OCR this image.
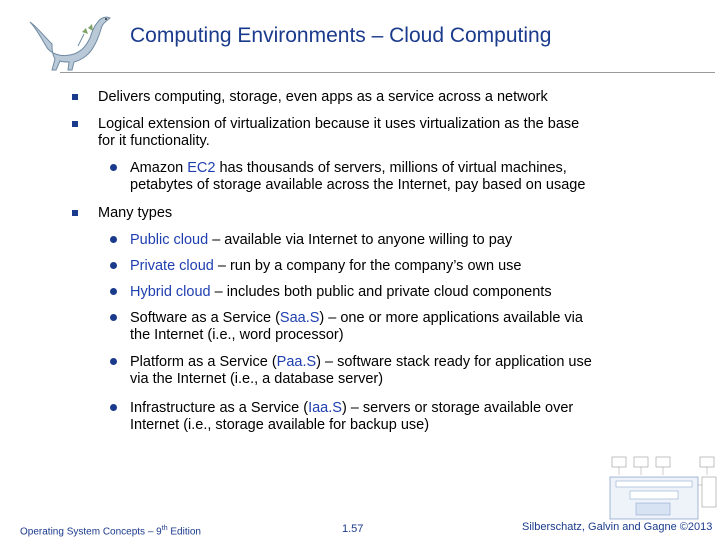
Computing Environments – Cloud Computing
Delivers computing, storage, even apps as a service across a network
Logical extension of virtualization because it uses virtualization as the base
for it functionality.
Amazon EC2 has thousands of servers, millions of virtual machines,
petabytes of storage available across the Internet, pay based on usage
Many types
Public cloud – available via Internet to anyone willing to pay
Private cloud – run by a company for the company’s own use
Hybrid cloud – includes both public and private cloud components
Software as a Service (Saa.S) – one or more applications available via
the Internet (i.e., word processor)
Platform as a Service (Paa.S) – software stack ready for application use
via the Internet (i.e., a database server)
Infrastructure as a Service (Iaa.S) – servers or storage available over
Internet (i.e., storage available for backup use)
Operating System Concepts – 9th Edition	1.57	Silberschatz, Galvin and Gagne ©2013
